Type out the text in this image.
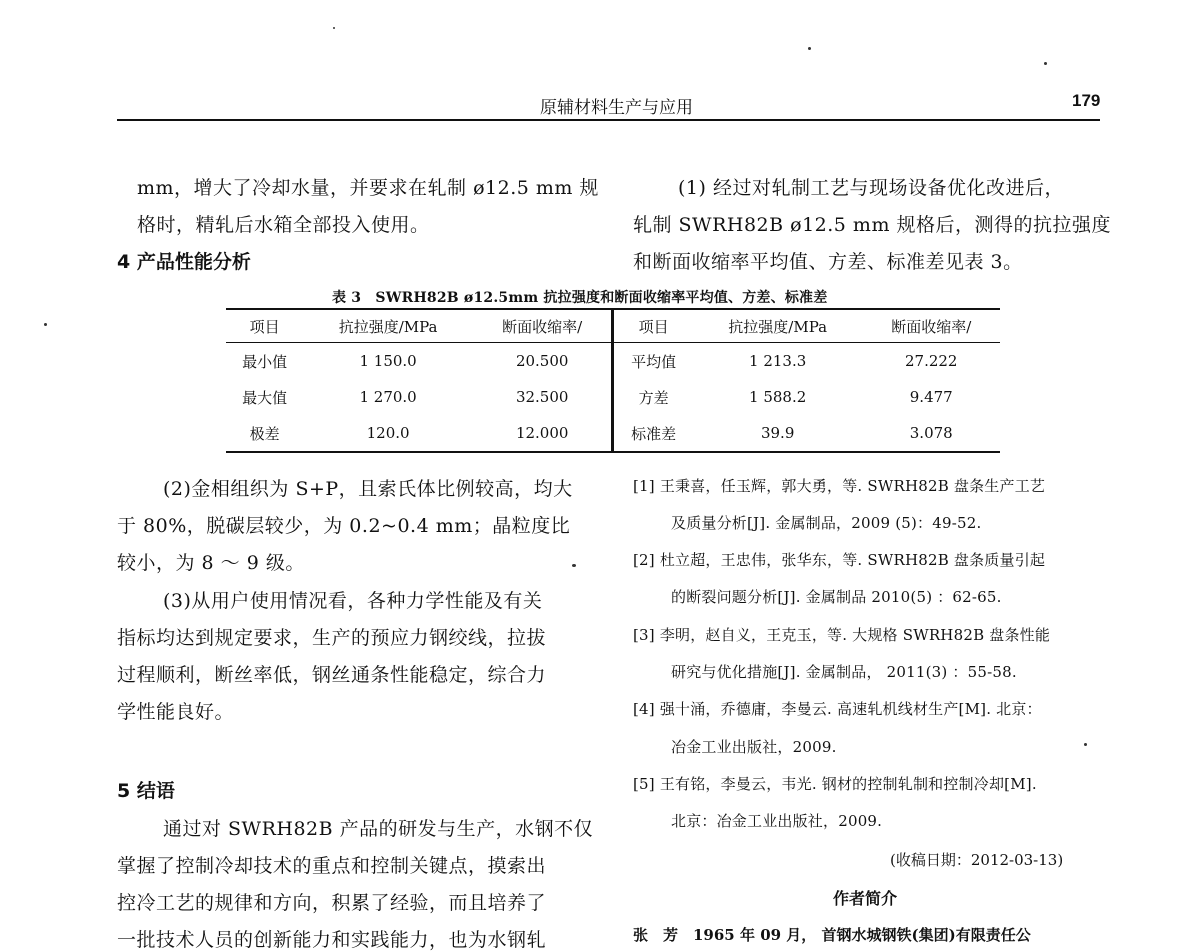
原辅材料生产与应用	179
mm，增大了冷却水量，并要求在轧制 ø12.5 mm 规
格时，精轧后水箱全部投入使用。
4 产品性能分析
(1) 经过对轧制工艺与现场设备优化改进后，
轧制 SWRH82B ø12.5 mm 规格后，测得的抗拉强度
和断面收缩率平均值、方差、标准差见表 3。
表 3　SWRH82B ø12.5mm 抗拉强度和断面收缩率平均值、方差、标准差
项目	抗拉强度/MPa	断面收缩率/	项目	抗拉强度/MPa	断面收缩率/
最小值	1 150.0	20.500	平均值	1 213.3	27.222
最大值	1 270.0	32.500	方差	1 588.2	9.477
极差	120.0	12.000	标准差	39.9	3.078
(2)金相组织为 S+P，且索氏体比例较高，均大
于 80%，脱碳层较少，为 0.2~0.4 mm；晶粒度比
较小，为 8 ～ 9 级。
(3)从用户使用情况看，各种力学性能及有关
指标均达到规定要求，生产的预应力钢绞线，拉拔
过程顺利，断丝率低，钢丝通条性能稳定，综合力
学性能良好。
5 结语
通过对 SWRH82B 产品的研发与生产，水钢不仅
掌握了控制冷却技术的重点和控制关键点，摸索出
控冷工艺的规律和方向，积累了经验，而且培养了
一批技术人员的创新能力和实践能力，也为水钢轧
[1] 王秉喜，任玉辉，郭大勇，等. SWRH82B 盘条生产工艺
及质量分析[J]. 金属制品，2009 (5)：49-52.
[2] 杜立超，王忠伟，张华东，等. SWRH82B 盘条质量引起
的断裂问题分析[J]. 金属制品 2010(5) ：62-65.
[3] 李明，赵自义，王克玉，等. 大规格 SWRH82B 盘条性能
研究与优化措施[J]. 金属制品， 2011(3) ：55-58.
[4] 强十涌，乔德庸，李曼云. 高速轧机线材生产[M]. 北京：
冶金工业出版社，2009.
[5] 王有铭，李曼云，韦光. 钢材的控制轧制和控制冷却[M].
北京：冶金工业出版社，2009.
(收稿日期：2012-03-13)
作者简介
张　芳　1965 年 09 月， 首钢水城钢铁(集团)有限责任公
